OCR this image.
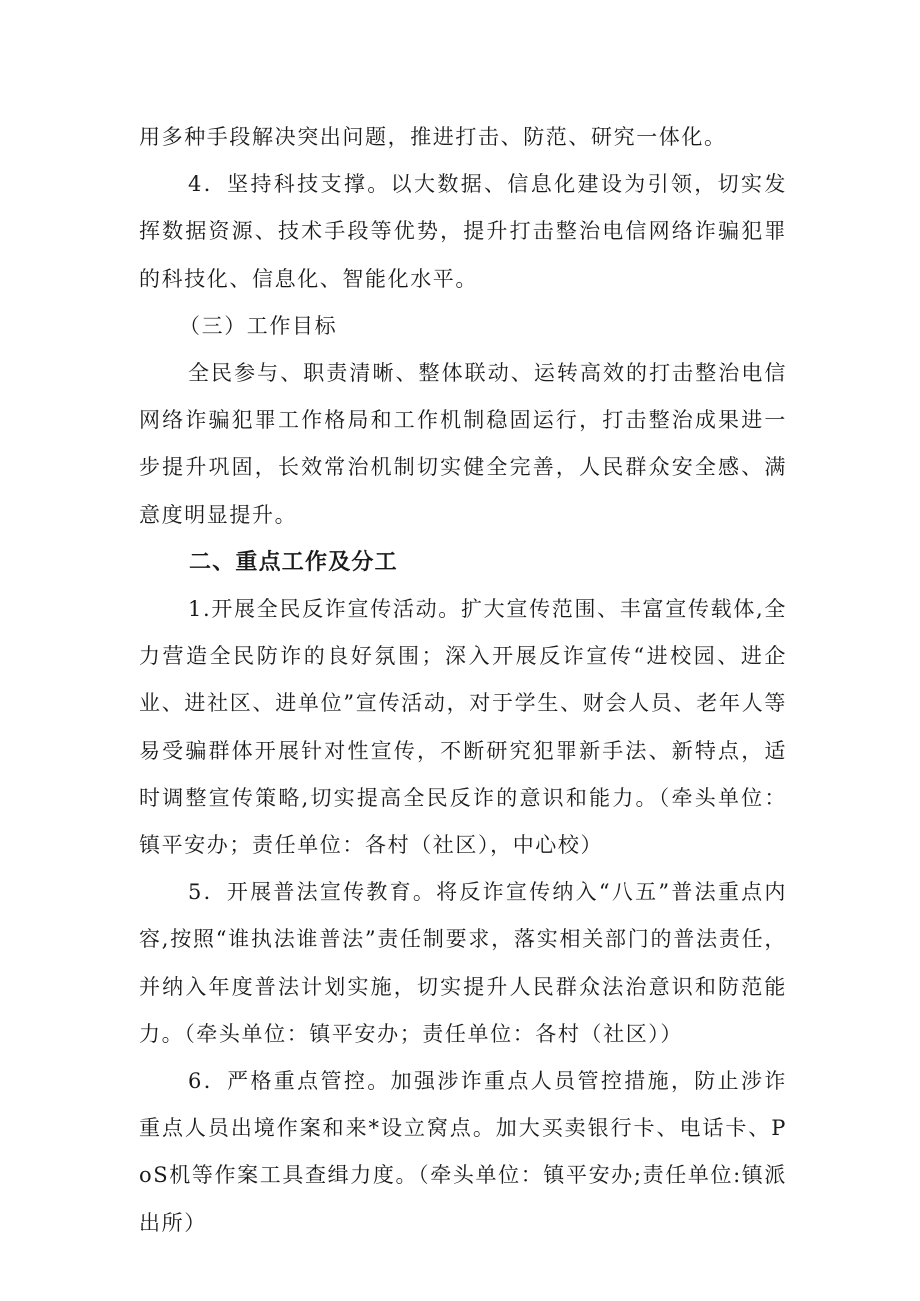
用多种手段解决突出问题，推进打击、防范、研究一体化。

4．坚持科技支撑。以大数据、信息化建设为引领，切实发挥数据资源、技术手段等优势，提升打击整治电信网络诈骗犯罪的科技化、信息化、智能化水平。

（三）工作目标

全民参与、职责清晰、整体联动、运转高效的打击整治电信网络诈骗犯罪工作格局和工作机制稳固运行，打击整治成果进一步提升巩固，长效常治机制切实健全完善，人民群众安全感、满意度明显提升。

二、重点工作及分工

1.开展全民反诈宣传活动。扩大宣传范围、丰富宣传载体,全力营造全民防诈的良好氛围；深入开展反诈宣传“进校园、进企业、进社区、进单位”宣传活动，对于学生、财会人员、老年人等易受骗群体开展针对性宣传，不断研究犯罪新手法、新特点，适时调整宣传策略,切实提高全民反诈的意识和能力。（牵头单位：镇平安办；责任单位：各村（社区），中心校）

5．开展普法宣传教育。将反诈宣传纳入“八五”普法重点内容,按照“谁执法谁普法”责任制要求，落实相关部门的普法责任，并纳入年度普法计划实施，切实提升人民群众法治意识和防范能力。（牵头单位：镇平安办；责任单位：各村（社区））

6．严格重点管控。加强涉诈重点人员管控措施，防止涉诈重点人员出境作案和来*设立窝点。加大买卖银行卡、电话卡、PoS机等作案工具查缉力度。（牵头单位：镇平安办;责任单位:镇派出所）
